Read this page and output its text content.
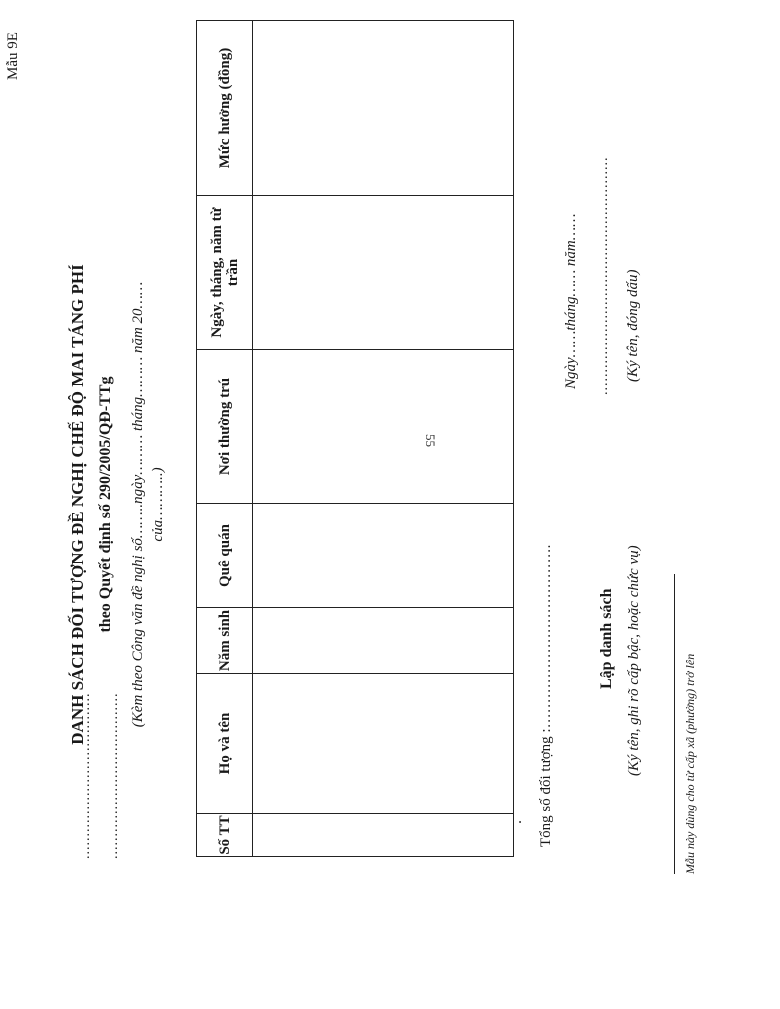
Mẫu 9E
55
..................................... .....................................
DANH SÁCH ĐỐI TƯỢNG ĐỀ NGHỊ CHẾ ĐỘ MAI TÁNG PHÍ theo Quyết định số 290/2005/QĐ-TTg (Kèm theo Công văn đề nghị số……..ngày……… tháng……… năm 20…… của………..)
Số TT	Họ và tên	Năm sinh	Quê quán	Nơi thường trú	Ngày, tháng, năm từ trần	Mức hưởng (đồng)

. Tổng số đối tượng :……………………………….
Ngày……tháng…… năm…… .....................................................
Lập danh sách (Ký tên, ghi rõ cấp bậc, hoặc chức vụ)
(Ký tên, đóng dấu)
Mẫu này dùng cho từ cấp xã (phường) trở lên
